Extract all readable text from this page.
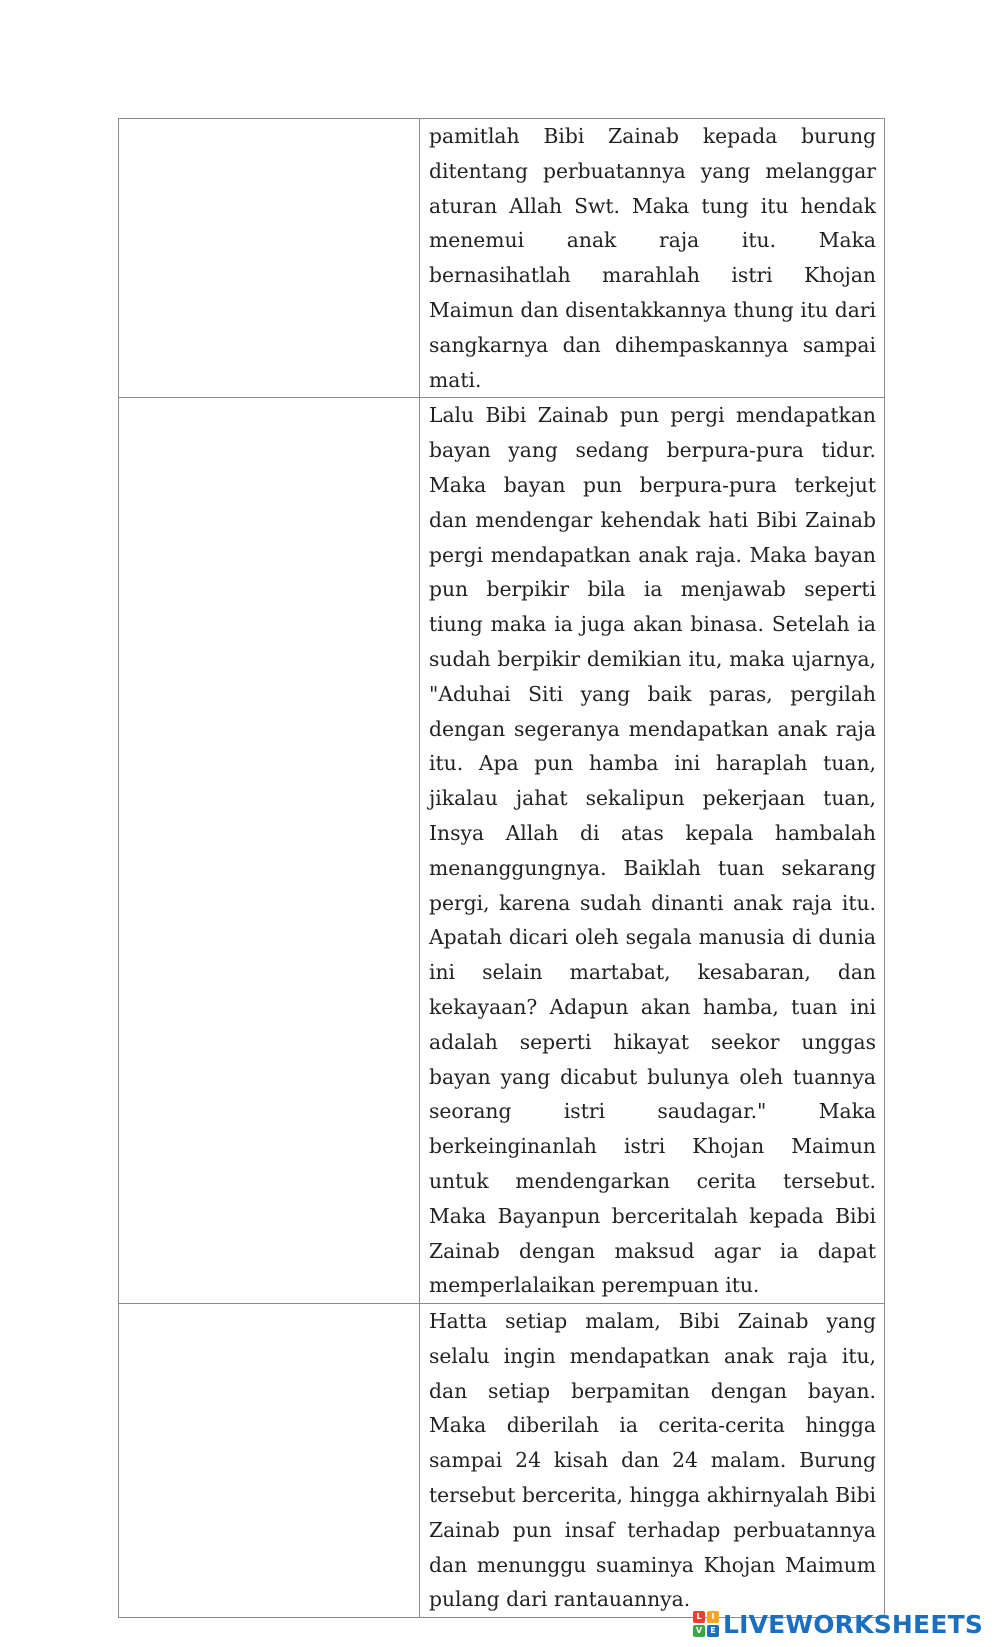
	pamitlah Bibi Zainab kepada burung ditentang perbuatannya yang melanggar aturan Allah Swt. Maka tung itu hendak menemui anak raja itu. Maka bernasihatlah marahlah istri Khojan Maimun dan disentakkannya thung itu dari sangkarnya dan dihempaskannya sampai mati.

	Lalu Bibi Zainab pun pergi mendapatkan bayan yang sedang berpura-pura tidur. Maka bayan pun berpura-pura terkejut dan mendengar kehendak hati Bibi Zainab pergi mendapatkan anak raja. Maka bayan pun berpikir bila ia menjawab seperti tiung maka ia juga akan binasa. Setelah ia sudah berpikir demikian itu, maka ujarnya, "Aduhai Siti yang baik paras, pergilah dengan segeranya mendapatkan anak raja itu. Apa pun hamba ini haraplah tuan, jikalau jahat sekalipun pekerjaan tuan, Insya Allah di atas kepala hambalah menanggungnya. Baiklah tuan sekarang pergi, karena sudah dinanti anak raja itu. Apatah dicari oleh segala manusia di dunia ini selain martabat, kesabaran, dan kekayaan? Adapun akan hamba, tuan ini adalah seperti hikayat seekor unggas bayan yang dicabut bulunya oleh tuannya seorang istri saudagar." Maka berkeinginanlah istri Khojan Maimun untuk mendengarkan cerita tersebut. Maka Bayanpun berceritalah kepada Bibi Zainab dengan maksud agar ia dapat memperlalaikan perempuan itu.

	Hatta setiap malam, Bibi Zainab yang selalu ingin mendapatkan anak raja itu, dan setiap berpamitan dengan bayan. Maka diberilah ia cerita-cerita hingga sampai 24 kisah dan 24 malam. Burung tersebut bercerita, hingga akhirnyalah Bibi Zainab pun insaf terhadap perbuatannya dan menunggu suaminya Khojan Maimum pulang dari rantauannya.

L	I
V	E LIVEWORKSHEETS
